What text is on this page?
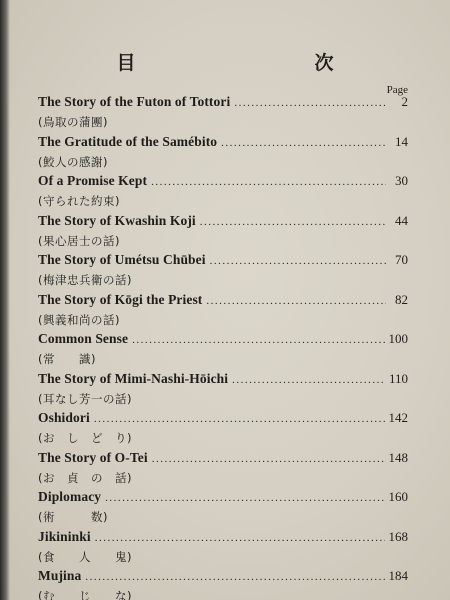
目　次
Page
The Story of the Futon of Tottori .....	2
(鳥取の蒲團)
The Gratitude of the Samébito .....	14
(鮫人の感謝)
Of a Promise Kept .....	30
(守られた約束)
The Story of Kwashin Koji .....	44
(果心居士の話)
The Story of Umétsu Chūbei .....	70
(梅津忠兵衛の話)
The Story of Kōgi the Priest .....	82
(興義和尚の話)
Common Sense .....	100
(常　　識)
The Story of Mimi-Nashi-Hōichi .....	110
(耳なし芳一の話)
Oshidori .....	142
(お　し　ど　り)
The Story of O-Tei .....	148
(お　貞　の　話)
Diplomacy .....	160
(術　　　数)
Jikininki .....	168
(食　　人　　鬼)
Mujina .....	184
(む　　じ　　な)
